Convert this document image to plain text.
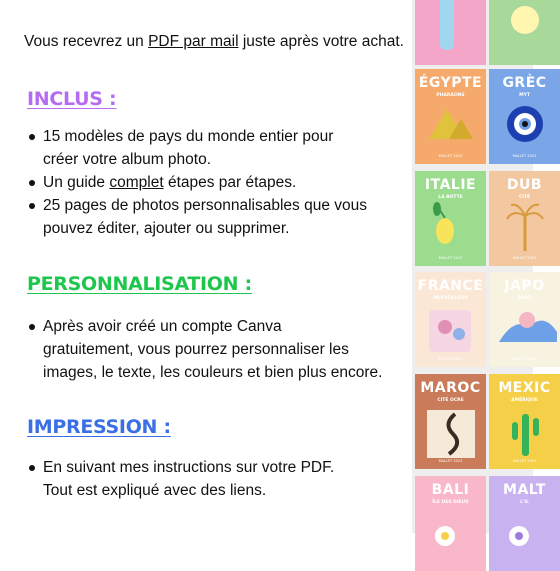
Vous recevrez un PDF par mail juste après votre achat.
INCLUS :
15 modèles de pays du monde entier pour
créer votre album photo.
Un guide complet étapes par étapes.
25 pages de photos personnalisables que vous
pouvez éditer, ajouter ou supprimer.
PERSONNALISATION :
Après avoir créé un compte Canva
gratuitement, vous pourrez personnaliser les
images, le texte, les couleurs et bien plus encore.
IMPRESSION :
En suivant mes instructions sur votre PDF.
Tout est expliqué avec des liens.
MALLET 2023
ÉGYPTE
PHARAONS
MALLET 2023
GRÈC
MYT
MALLET 2023
ITALIE
LA BOTTE
MALLET 2023
DUB
CITÉ
MALLET 2023
FRANCE
MERVEILLEUX
MALLET 2023
JAPO
SOLEI
MALLET 2023
MAROC
CITÉ OCRE
MALLET 2023
MEXIC
AMÉRIQUE
BALI
ÎLE DES DIEUX
MALT
L'IL
